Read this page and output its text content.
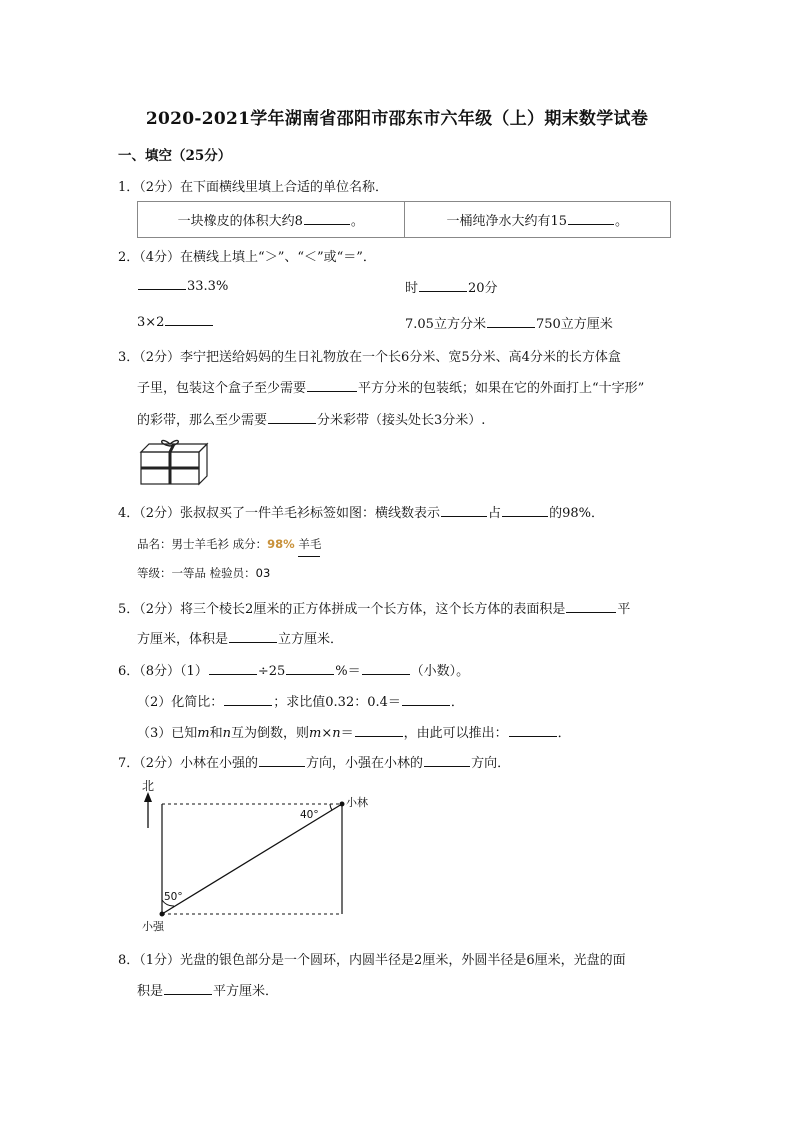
2020-2021学年湖南省邵阳市邵东市六年级（上）期末数学试卷
一、填空（25分）
1．（2分）在下面横线里填上合适的单位名称．
一块橡皮的体积大约8	。	一桶纯净水大约有15	。
2．（4分）在横线上填上“＞”、“＜”或“＝”．
33.3%	时	20分
3×2	7.05立方分米	750立方厘米
3．（2分）李宁把送给妈妈的生日礼物放在一个长6分米、宽5分米、高4分米的长方体盒
子里，包装这个盒子至少需要	平方分米的包装纸；如果在它的外面打上“十字形”
的彩带，那么至少需要	分米彩带（接头处长3分米）.
4．（2分）张叔叔买了一件羊毛衫标签如图：横线数表示	占	的98%．
品名：男士羊毛衫 成分：98% 羊毛
等级：一等品 检验员：03
5．（2分）将三个棱长2厘米的正方体拼成一个长方体，这个长方体的表面积是	平
方厘米，体积是	立方厘米．
6．（8分）（1）	÷25	%＝	（小数）。
（2）化简比：	；求比值0.32：0.4＝	．
（3）已知m和n互为倒数，则m×n＝	，由此可以推出：	．
7．（2分）小林在小强的	方向，小强在小林的	方向．
北
40°
50°
小林
小强
8．（1分）光盘的银色部分是一个圆环，内圆半径是2厘米，外圆半径是6厘米，光盘的面
积是	平方厘米．
